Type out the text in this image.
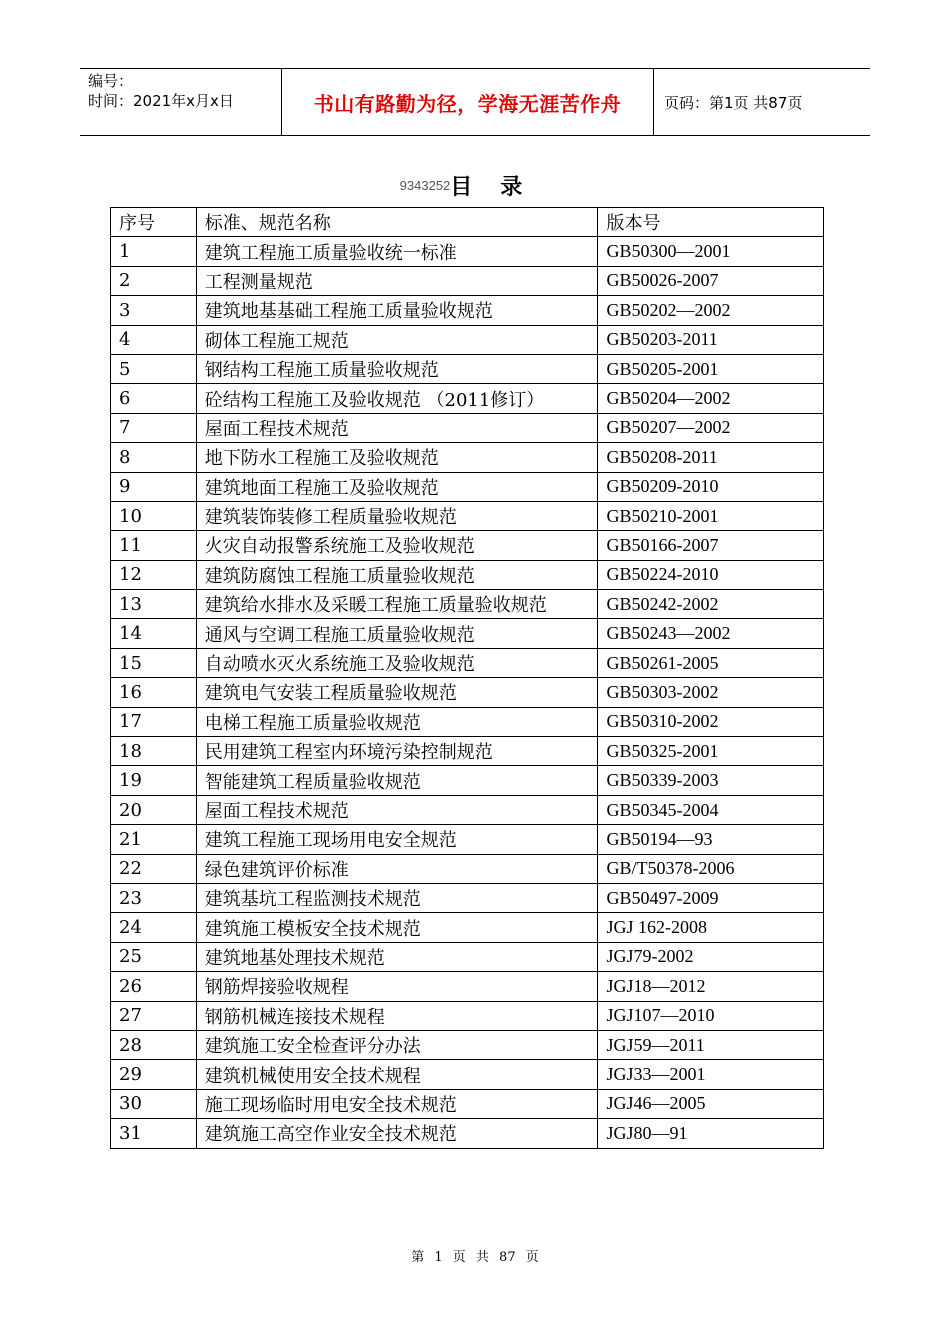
编号：
时间：2021年x月x日	书山有路勤为径，学海无涯苦作舟	页码：第1页 共87页
9343252目录
序号	标准、规范名称	版本号
1	建筑工程施工质量验收统一标准	GB50300—2001
2	工程测量规范	GB50026-2007
3	建筑地基基础工程施工质量验收规范	GB50202—2002
4	砌体工程施工规范	GB50203-2011
5	钢结构工程施工质量验收规范	GB50205-2001
6	砼结构工程施工及验收规范 （2011修订）	GB50204—2002
7	屋面工程技术规范	GB50207—2002
8	地下防水工程施工及验收规范	GB50208-2011
9	建筑地面工程施工及验收规范	GB50209-2010
10	建筑装饰装修工程质量验收规范	GB50210-2001
11	火灾自动报警系统施工及验收规范	GB50166-2007
12	建筑防腐蚀工程施工质量验收规范	GB50224-2010
13	建筑给水排水及采暖工程施工质量验收规范	GB50242-2002
14	通风与空调工程施工质量验收规范	GB50243—2002
15	自动喷水灭火系统施工及验收规范	GB50261-2005
16	建筑电气安装工程质量验收规范	GB50303-2002
17	电梯工程施工质量验收规范	GB50310-2002
18	民用建筑工程室内环境污染控制规范	GB50325-2001
19	智能建筑工程质量验收规范	GB50339-2003
20	屋面工程技术规范	GB50345-2004
21	建筑工程施工现场用电安全规范	GB50194—93
22	绿色建筑评价标准	GB/T50378-2006
23	建筑基坑工程监测技术规范	GB50497-2009
24	建筑施工模板安全技术规范	JGJ 162-2008
25	建筑地基处理技术规范	JGJ79-2002
26	钢筋焊接验收规程	JGJ18—2012
27	钢筋机械连接技术规程	JGJ107—2010
28	建筑施工安全检查评分办法	JGJ59—2011
29	建筑机械使用安全技术规程	JGJ33—2001
30	施工现场临时用电安全技术规范	JGJ46—2005
31	建筑施工高空作业安全技术规范	JGJ80—91
第 1 页 共 87 页
